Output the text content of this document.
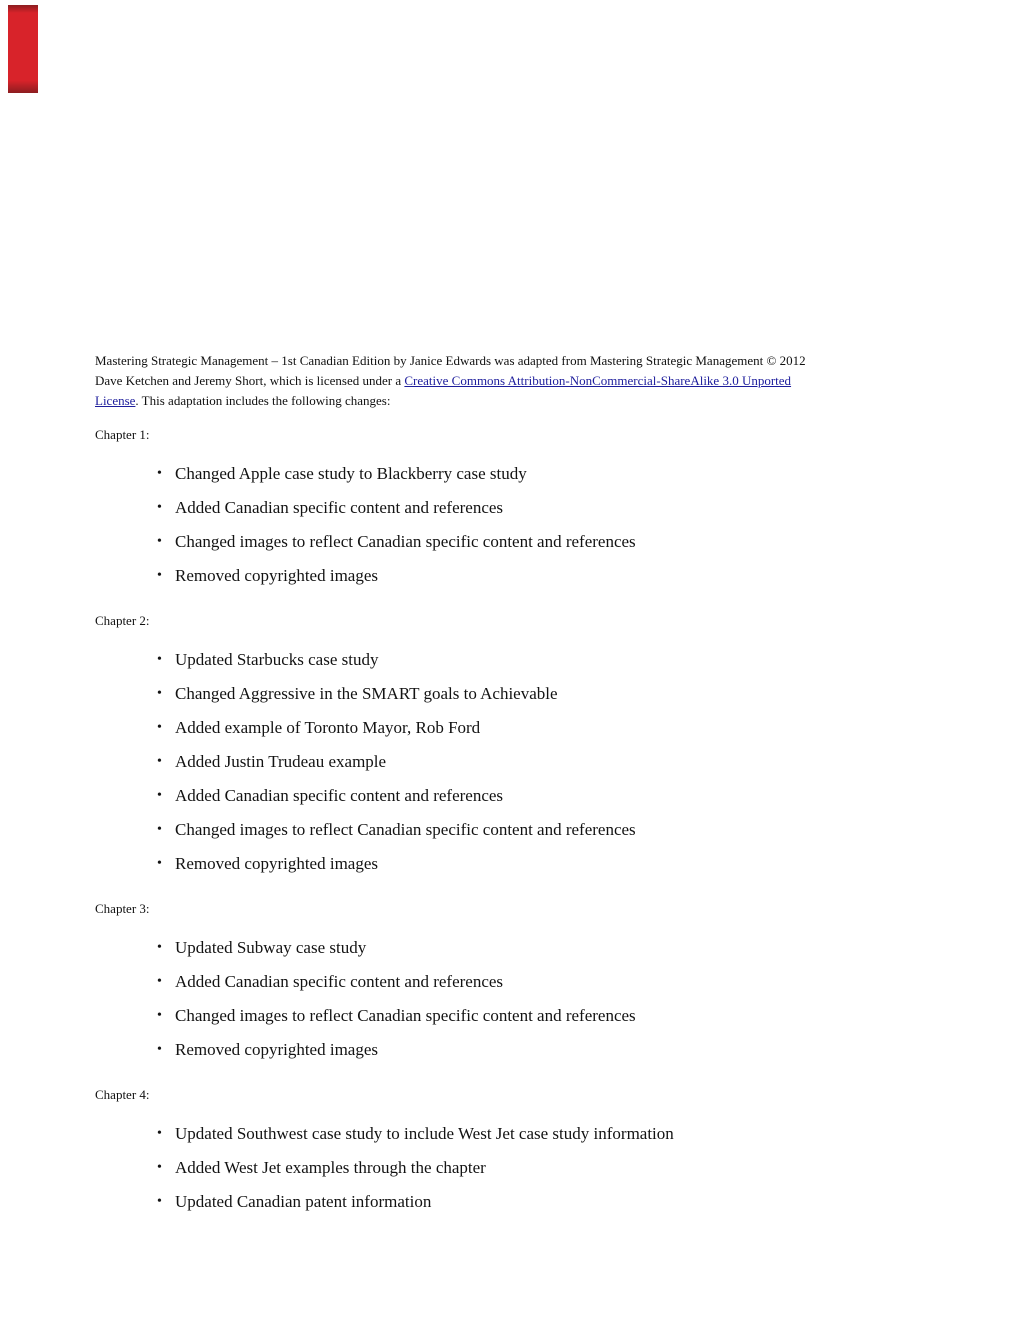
Mastering Strategic Management – 1st Canadian Edition by Janice Edwards was adapted from Mastering Strategic Management © 2012
Dave Ketchen and Jeremy Short, which is licensed under a Creative Commons Attribution-NonCommercial-ShareAlike 3.0 Unported
License. This adaptation includes the following changes:

Chapter 1:

• Changed Apple case study to Blackberry case study
• Added Canadian specific content and references
• Changed images to reflect Canadian specific content and references
• Removed copyrighted images

Chapter 2:

• Updated Starbucks case study
• Changed Aggressive in the SMART goals to Achievable
• Added example of Toronto Mayor, Rob Ford
• Added Justin Trudeau example
• Added Canadian specific content and references
• Changed images to reflect Canadian specific content and references
• Removed copyrighted images

Chapter 3:

• Updated Subway case study
• Added Canadian specific content and references
• Changed images to reflect Canadian specific content and references
• Removed copyrighted images

Chapter 4:

• Updated Southwest case study to include West Jet case study information
• Added West Jet examples through the chapter
• Updated Canadian patent information
